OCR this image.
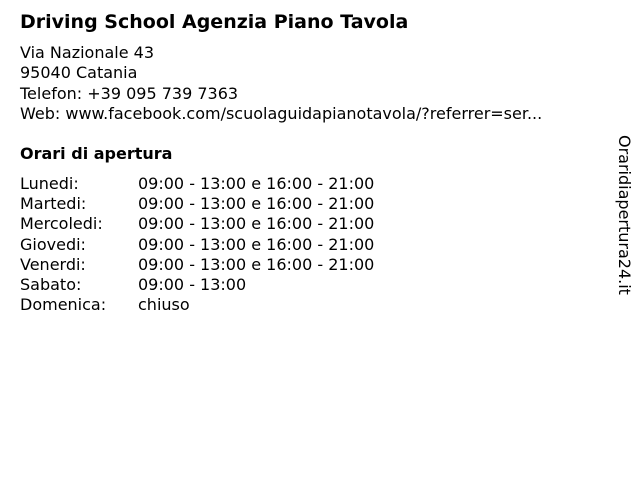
Driving School Agenzia Piano Tavola
Via Nazionale 43
95040 Catania
Telefon: +39 095 739 7363
Web: www.facebook.com/scuolaguidapianotavola/?referrer=ser...
Orari di apertura
Lunedi:	09:00 - 13:00 e 16:00 - 21:00
Martedi:	09:00 - 13:00 e 16:00 - 21:00
Mercoledi:	09:00 - 13:00 e 16:00 - 21:00
Giovedi:	09:00 - 13:00 e 16:00 - 21:00
Venerdi:	09:00 - 13:00 e 16:00 - 21:00
Sabato:	09:00 - 13:00
Domenica:	chiuso
Oraridiapertura24.it
